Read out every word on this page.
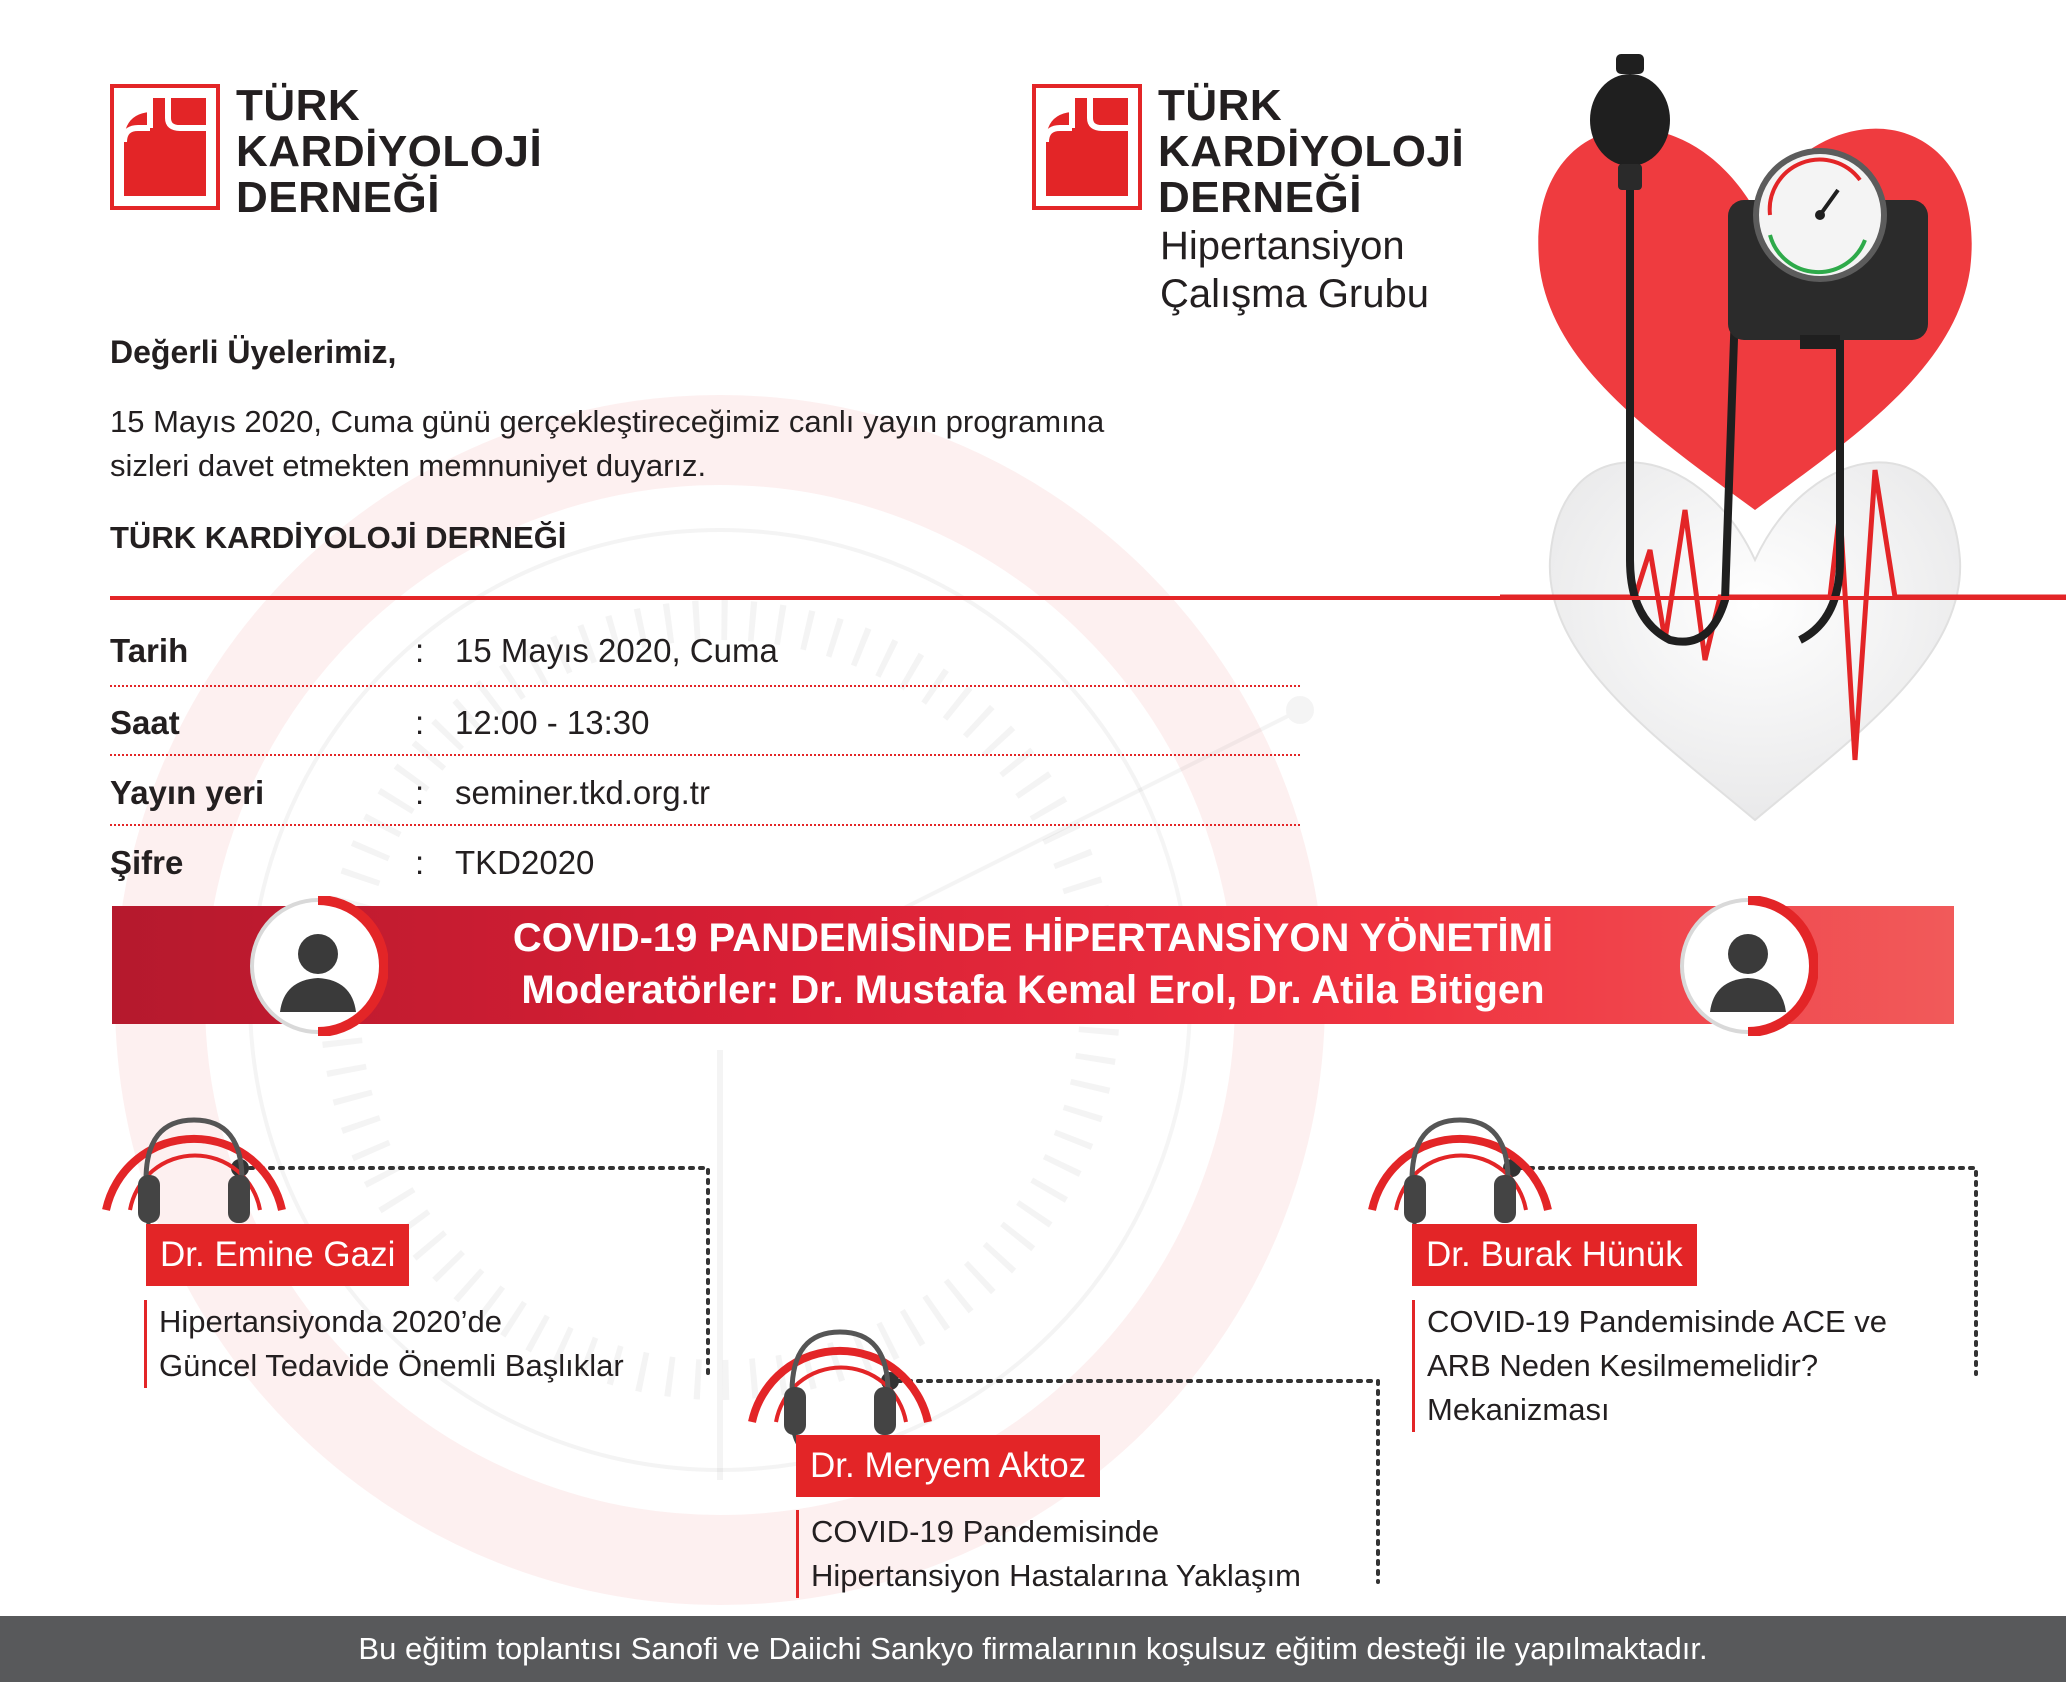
TÜRK
KARDİYOLOJİ
DERNEĞİ
TÜRK
KARDİYOLOJİ
DERNEĞİ
Hipertansiyon
Çalışma Grubu
Değerli Üyelerimiz,
15 Mayıs 2020, Cuma günü gerçekleştireceğimiz canlı yayın programına
sizleri davet etmekten memnuniyet duyarız.
TÜRK KARDİYOLOJİ DERNEĞİ
Tarih	: 15 Mayıs 2020, Cuma
Saat	: 12:00 - 13:30
Yayın yeri	: seminer.tkd.org.tr
Şifre	: TKD2020
COVID-19 PANDEMİSİNDE HİPERTANSİYON YÖNETİMİ
Moderatörler: Dr. Mustafa Kemal Erol, Dr. Atila Bitigen
Dr. Emine Gazi
Hipertansiyonda 2020’de
Güncel Tedavide Önemli Başlıklar
Dr. Meryem Aktoz
COVID-19 Pandemisinde
Hipertansiyon Hastalarına Yaklaşım
Dr. Burak Hünük
COVID-19 Pandemisinde ACE ve
ARB Neden Kesilmemelidir?
Mekanizması
Bu eğitim toplantısı Sanofi ve Daiichi Sankyo firmalarının koşulsuz eğitim desteği ile yapılmaktadır.
